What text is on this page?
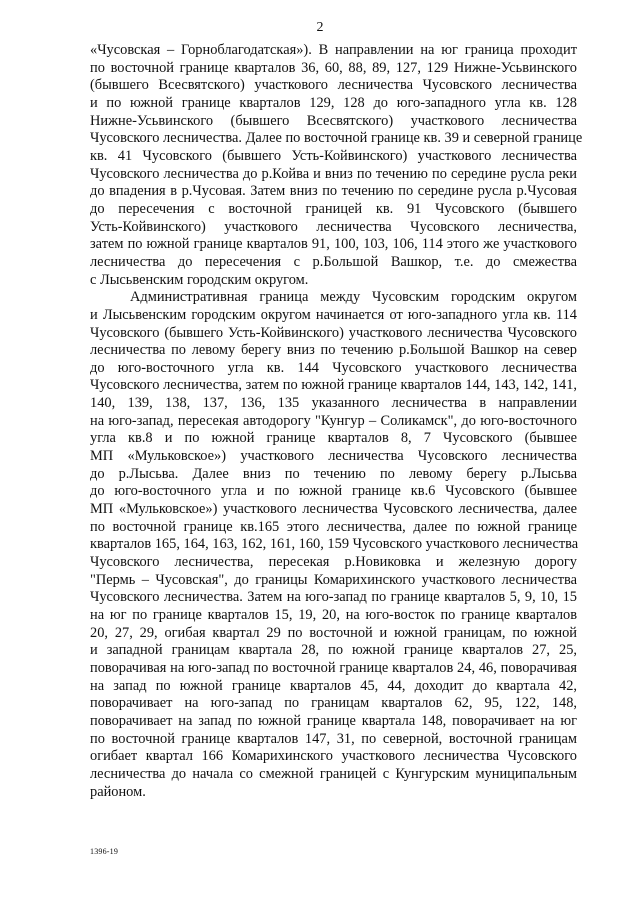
2
«Чусовская – Горноблагодатская»). В направлении на юг граница проходит
по восточной границе кварталов 36, 60, 88, 89, 127, 129 Нижне-Усьвинского
(бывшего Всесвятского) участкового лесничества Чусовского лесничества
и по южной границе кварталов 129, 128 до юго-западного угла кв. 128
Нижне-Усьвинского (бывшего Всесвятского) участкового лесничества
Чусовского лесничества. Далее по восточной границе кв. 39 и северной границе
кв. 41 Чусовского (бывшего Усть-Койвинского) участкового лесничества
Чусовского лесничества до р.Койва и вниз по течению по середине русла реки
до впадения в р.Чусовая. Затем вниз по течению по середине русла р.Чусовая
до пересечения с восточной границей кв. 91 Чусовского (бывшего
Усть-Койвинского) участкового лесничества Чусовского лесничества,
затем по южной границе кварталов 91, 100, 103, 106, 114 этого же участкового
лесничества до пересечения с р.Большой Вашкор, т.е. до смежества
с Лысьвенским городским округом.
Административная граница между Чусовским городским округом
и Лысьвенским городским округом начинается от юго-западного угла кв. 114
Чусовского (бывшего Усть-Койвинского) участкового лесничества Чусовского
лесничества по левому берегу вниз по течению р.Большой Вашкор на север
до юго-восточного угла кв. 144 Чусовского участкового лесничества
Чусовского лесничества, затем по южной границе кварталов 144, 143, 142, 141,
140, 139, 138, 137, 136, 135 указанного лесничества в направлении
на юго-запад, пересекая автодорогу "Кунгур – Соликамск", до юго-восточного
угла кв.8 и по южной границе кварталов 8, 7 Чусовского (бывшее
МП «Мульковское») участкового лесничества Чусовского лесничества
до р.Лысьва. Далее вниз по течению по левому берегу р.Лысьва
до юго-восточного угла и по южной границе кв.6 Чусовского (бывшее
МП «Мульковское») участкового лесничества Чусовского лесничества, далее
по восточной границе кв.165 этого лесничества, далее по южной границе
кварталов 165, 164, 163, 162, 161, 160, 159 Чусовского участкового лесничества
Чусовского лесничества, пересекая р.Новиковка и железную дорогу
"Пермь – Чусовская", до границы Комарихинского участкового лесничества
Чусовского лесничества. Затем на юго-запад по границе кварталов 5, 9, 10, 15
на юг по границе кварталов 15, 19, 20, на юго-восток по границе кварталов
20, 27, 29, огибая квартал 29 по восточной и южной границам, по южной
и западной границам квартала 28, по южной границе кварталов 27, 25,
поворачивая на юго-запад по восточной границе кварталов 24, 46, поворачивая
на запад по южной границе кварталов 45, 44, доходит до квартала 42,
поворачивает на юго-запад по границам кварталов 62, 95, 122, 148,
поворачивает на запад по южной границе квартала 148, поворачивает на юг
по восточной границе кварталов 147, 31, по северной, восточной границам
огибает квартал 166 Комарихинского участкового лесничества Чусовского
лесничества до начала со смежной границей с Кунгурским муниципальным
районом.
1396-19
